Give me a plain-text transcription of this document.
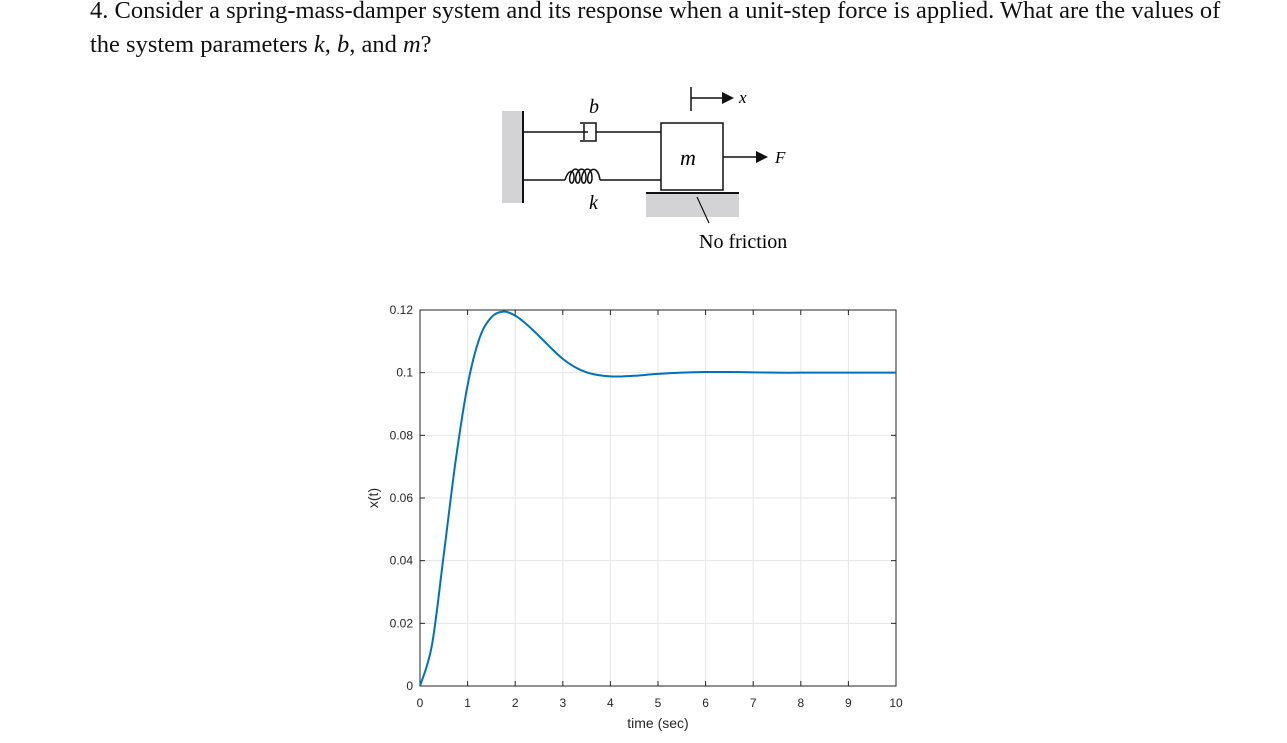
4. Consider a spring-mass-damper system and its response when a unit-step force is applied. What are the values of the system parameters k, b, and m?
b
k
m
x
F
No friction
0	1	2	3	4	5	6	7	8	9	10
0
0.02
0.04
0.06
0.08
0.1
0.12
time (sec)
x(t)
